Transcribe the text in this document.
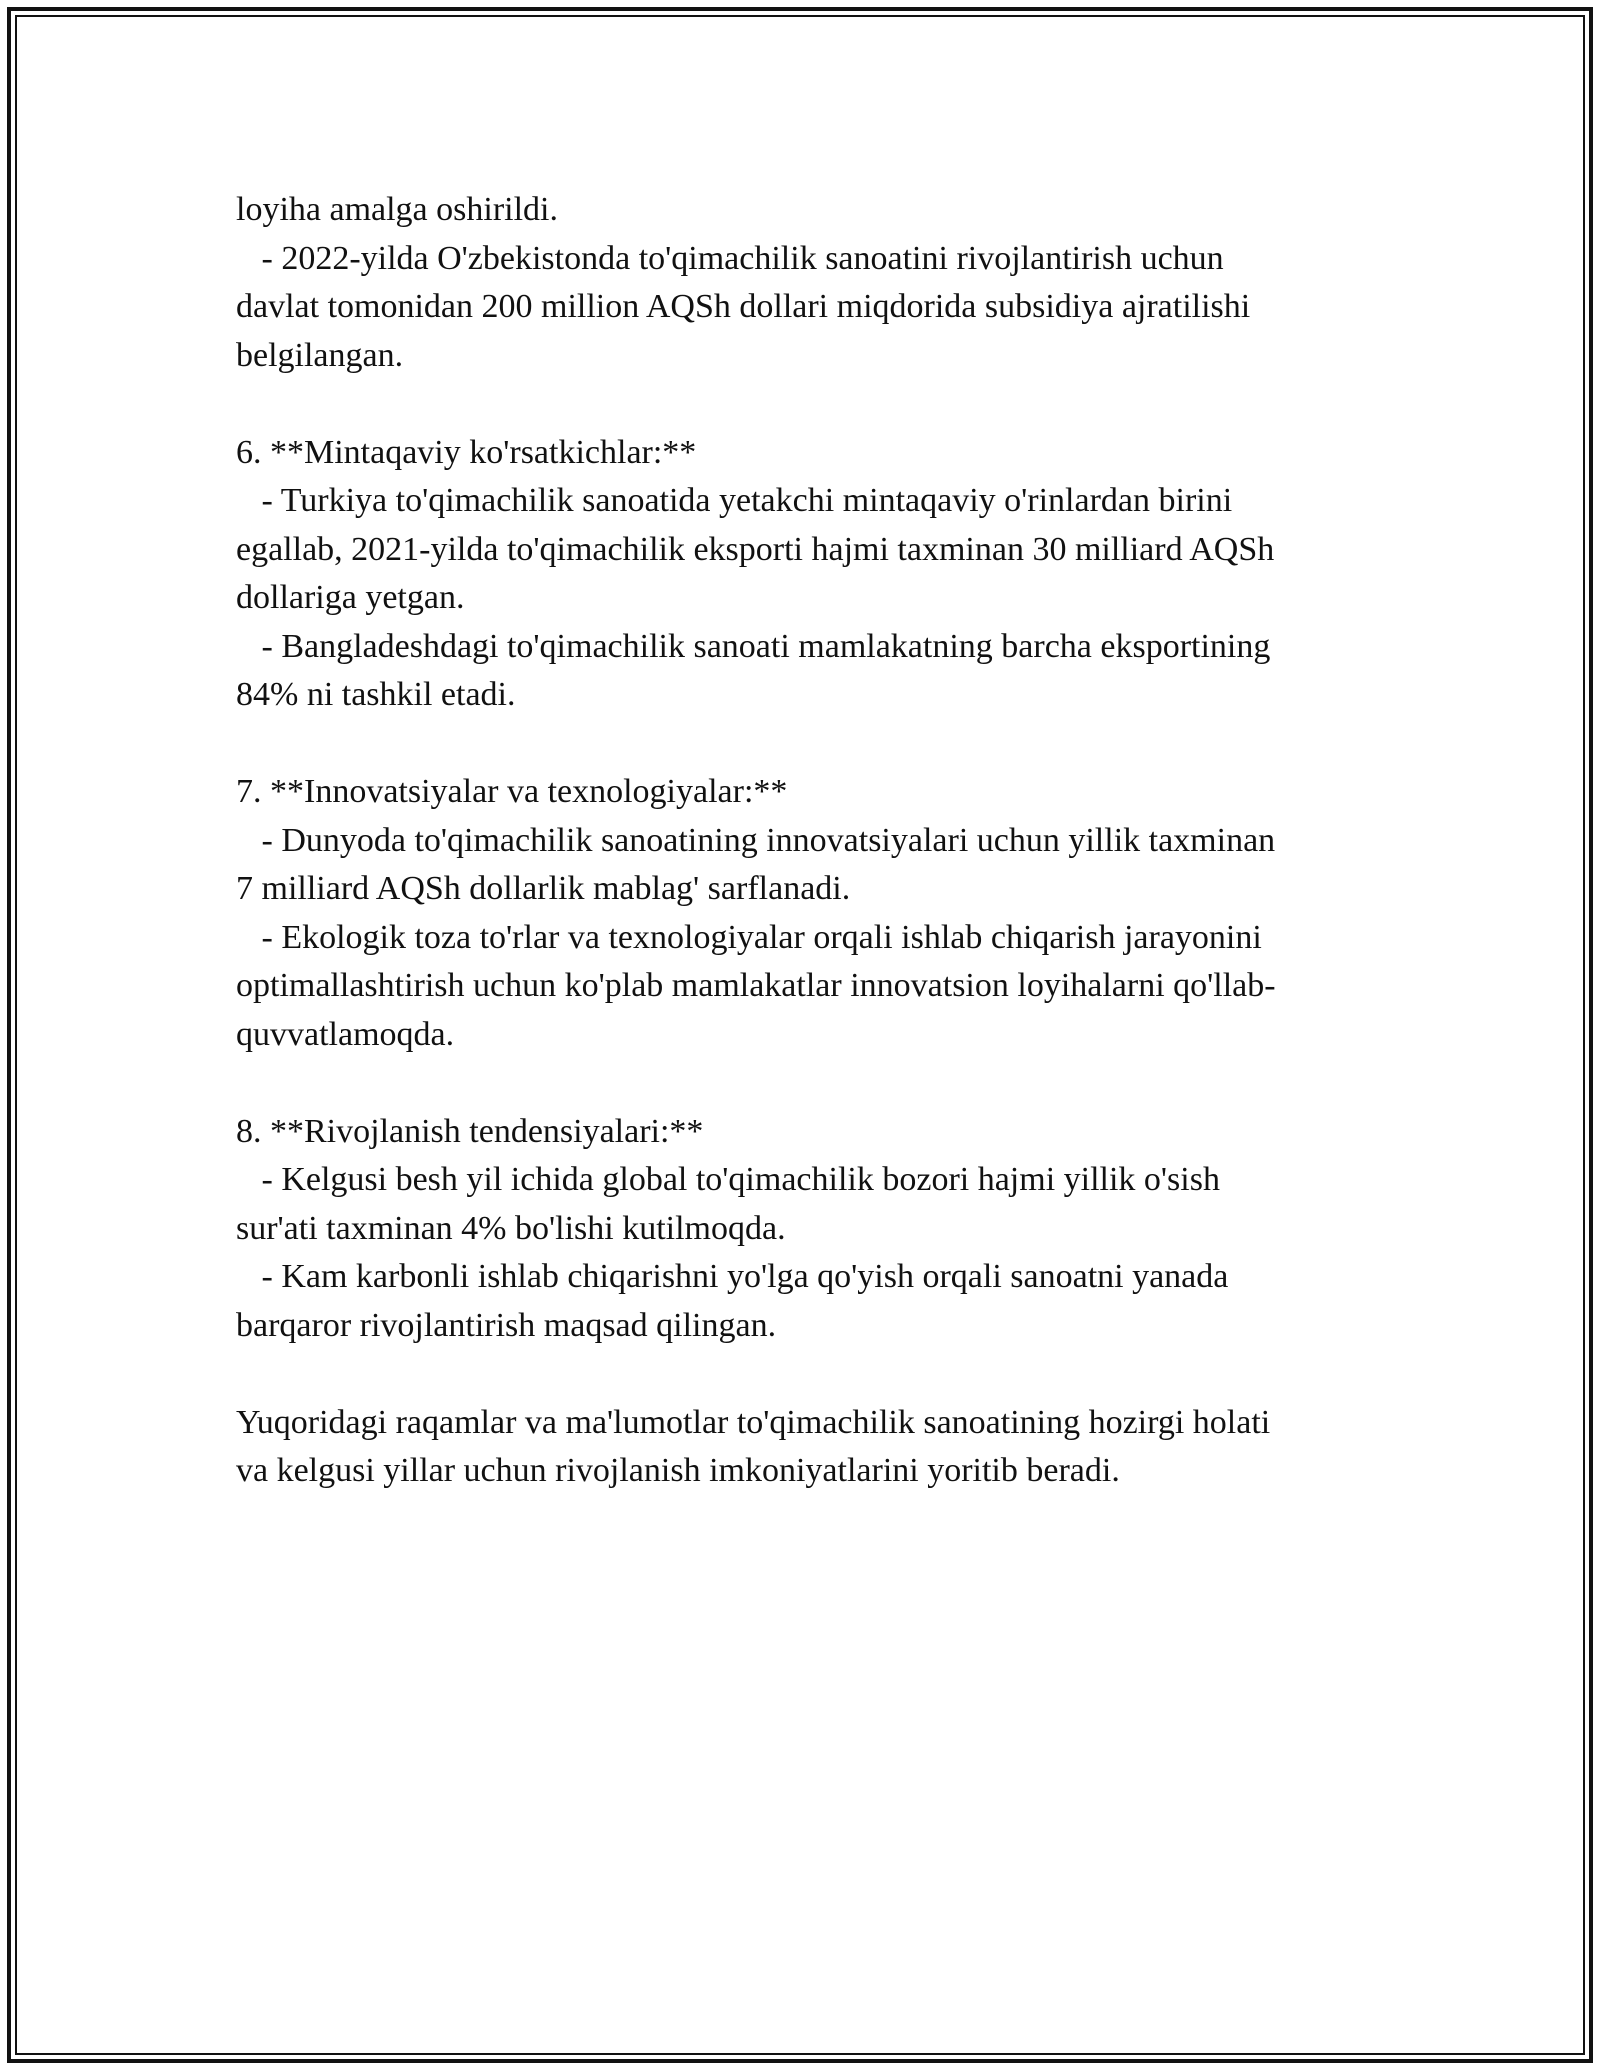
loyiha amalga oshirildi.
- 2022-yilda O'zbekistonda to'qimachilik sanoatini rivojlantirish uchun
davlat tomonidan 200 million AQSh dollari miqdorida subsidiya ajratilishi
belgilangan.
6. **Mintaqaviy ko'rsatkichlar:**
- Turkiya to'qimachilik sanoatida yetakchi mintaqaviy o'rinlardan birini
egallab, 2021-yilda to'qimachilik eksporti hajmi taxminan 30 milliard AQSh
dollariga yetgan.
- Bangladeshdagi to'qimachilik sanoati mamlakatning barcha eksportining
84% ni tashkil etadi.
7. **Innovatsiyalar va texnologiyalar:**
- Dunyoda to'qimachilik sanoatining innovatsiyalari uchun yillik taxminan
7 milliard AQSh dollarlik mablag' sarflanadi.
- Ekologik toza to'rlar va texnologiyalar orqali ishlab chiqarish jarayonini
optimallashtirish uchun ko'plab mamlakatlar innovatsion loyihalarni qo'llab-
quvvatlamoqda.
8. **Rivojlanish tendensiyalari:**
- Kelgusi besh yil ichida global to'qimachilik bozori hajmi yillik o'sish
sur'ati taxminan 4% bo'lishi kutilmoqda.
- Kam karbonli ishlab chiqarishni yo'lga qo'yish orqali sanoatni yanada
barqaror rivojlantirish maqsad qilingan.
Yuqoridagi raqamlar va ma'lumotlar to'qimachilik sanoatining hozirgi holati
va kelgusi yillar uchun rivojlanish imkoniyatlarini yoritib beradi.
